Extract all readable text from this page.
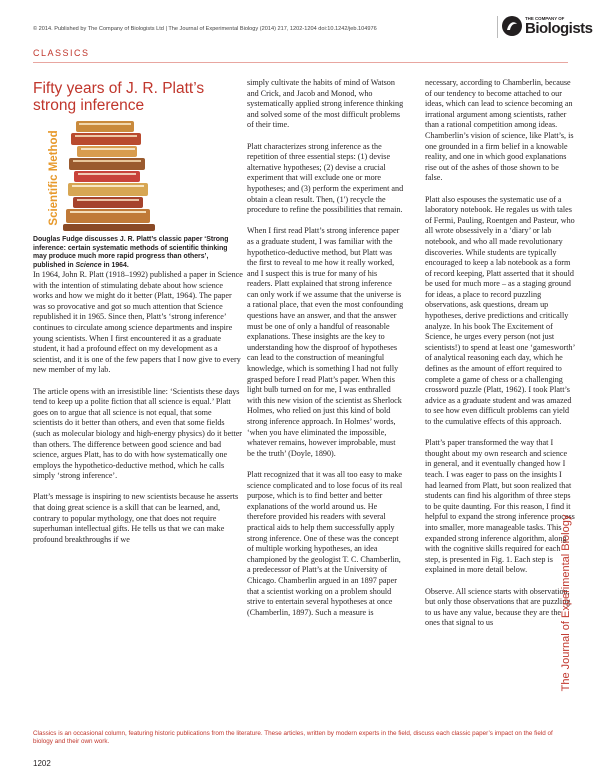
© 2014. Published by The Company of Biologists Ltd | The Journal of Experimental Biology (2014) 217, 1202-1204 doi:10.1242/jeb.104976
THE COMPANY OF
Biologists
CLASSICS
Fifty years of J. R. Platt’s strong inference
Scientific Method

Douglas Fudge discusses J. R. Platt’s classic paper ‘Strong inference: certain systematic methods of scientific thinking may produce much more rapid progress than others’, published in Science in 1964.

In 1964, John R. Platt (1918–1992) published a paper in Science with the intention of stimulating debate about how science works and how we might do it better (Platt, 1964). The paper was so provocative and got so much attention that Science republished it in 1965. Since then, Platt’s ‘strong inference’ continues to circulate among science departments and inspire young scientists. When I first encountered it as a graduate student, it had a profound effect on my development as a scientist, and it is one of the few papers that I now give to every new member of my lab.

The article opens with an irresistible line: ‘Scientists these days tend to keep up a polite fiction that all science is equal.’ Platt goes on to argue that all science is not equal, that some scientists do it better than others, and even that some fields (such as molecular biology and high-energy physics) do it better than others. The difference between good science and bad science, argues Platt, has to do with how systematically one employs the hypothetico-deductive method, which he calls simply ‘strong inference’.

Platt’s message is inspiring to new scientists because he asserts that doing great science is a skill that can be learned, and, contrary to popular mythology, one that does not require superhuman intellectual gifts. He tells us that we can make profound breakthroughs if we

simply cultivate the habits of mind of Watson and Crick, and Jacob and Monod, who systematically applied strong inference thinking and solved some of the most difficult problems of their time.

Platt characterizes strong inference as the repetition of three essential steps: (1) devise alternative hypotheses; (2) devise a crucial experiment that will exclude one or more hypotheses; and (3) perform the experiment and obtain a clean result. Then, (1′) recycle the procedure to refine the possibilities that remain.

When I first read Platt’s strong inference paper as a graduate student, I was familiar with the hypothetico-deductive method, but Platt was the first to reveal to me how it really worked, and I suspect this is true for many of his readers. Platt explained that strong inference can only work if we assume that the universe is a rational place, that even the most confounding questions have an answer, and that the answer must be one of only a handful of reasonable explanations. These insights are the key to understanding how the disproof of hypotheses can lead to the construction of meaningful knowledge, which is something I had not fully grasped before I read Platt’s paper. When this light bulb turned on for me, I was enthralled with this new vision of the scientist as Sherlock Holmes, who relied on just this kind of bold strong inference approach. In Holmes’ words, ‘when you have eliminated the impossible, whatever remains, however improbable, must be the truth’ (Doyle, 1890).

Platt recognized that it was all too easy to make science complicated and to lose focus of its real purpose, which is to find better and better explanations of the world around us. He therefore provided his readers with several practical aids to help them successfully apply strong inference. One of these was the concept of multiple working hypotheses, an idea championed by the geologist T. C. Chamberlin, a predecessor of Platt’s at the University of Chicago. Chamberlin argued in an 1897 paper that a scientist working on a problem should strive to entertain several hypotheses at once (Chamberlin, 1897). Such a measure is

necessary, according to Chamberlin, because of our tendency to become attached to our ideas, which can lead to science becoming an irrational argument among scientists, rather than a rational competition among ideas. Chamberlin’s vision of science, like Platt’s, is one grounded in a firm belief in a knowable reality, and one in which good explanations rise out of the ashes of those shown to be false.

Platt also espouses the systematic use of a laboratory notebook. He regales us with tales of Fermi, Pauling, Roentgen and Pasteur, who all wrote obsessively in a ‘diary’ or lab notebook, and who all made revolutionary discoveries. While students are typically encouraged to keep a lab notebook as a form of record keeping, Platt asserted that it should be used for much more – as a staging ground for ideas, a place to record puzzling observations, ask questions, dream up hypotheses, derive predictions and critically analyze. In his book The Excitement of Science, he urges every person (not just scientists!) to spend at least one ‘gamesworth’ of analytical reasoning each day, which he defines as the amount of effort required to complete a game of chess or a challenging crossword puzzle (Platt, 1962). I took Platt’s advice as a graduate student and was amazed to see how even difficult problems can yield to the cumulative effects of this approach.

Platt’s paper transformed the way that I thought about my own research and science in general, and it eventually changed how I teach. I was eager to pass on the insights I had learned from Platt, but soon realized that students can find his algorithm of three steps to be quite daunting. For this reason, I find it helpful to expand the strong inference process into smaller, more manageable tasks. This expanded strong inference algorithm, along with the cognitive skills required for each step, is presented in Fig. 1. Each step is explained in more detail below.

Observe. All science starts with observation, but only those observations that are puzzling to us have any value, because they are the ones that signal to us	The Journal of Experimental Biology

Classics is an occasional column, featuring historic publications from the literature. These articles, written by modern experts in the field, discuss each classic paper’s impact on the field of biology and their own work.

1202
